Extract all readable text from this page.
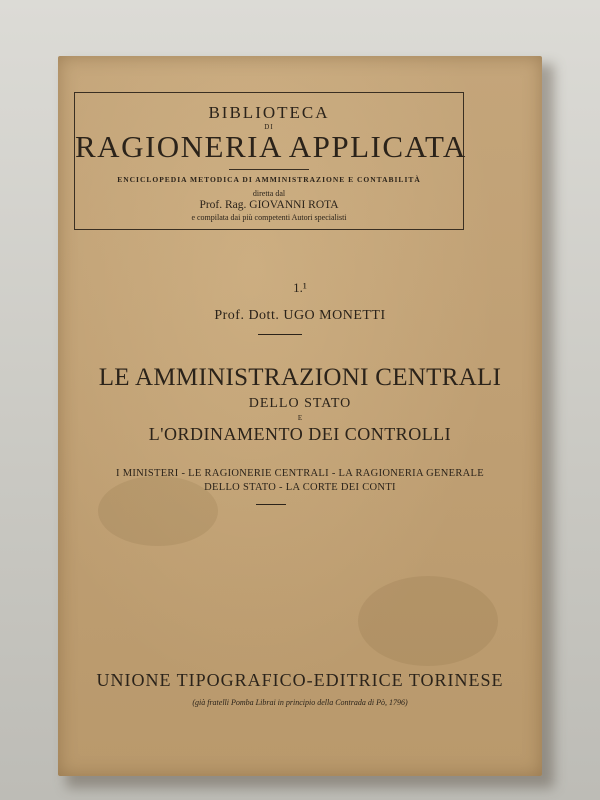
BIBLIOTECA
DI
RAGIONERIA APPLICATA
ENCICLOPEDIA METODICA DI AMMINISTRAZIONE E CONTABILITÀ
diretta dal
Prof. Rag. GIOVANNI ROTA
e compilata dai più competenti Autori specialisti
1.¹
Prof. Dott. UGO MONETTI
LE AMMINISTRAZIONI CENTRALI
DELLO STATO
E
L'ORDINAMENTO DEI CONTROLLI
I MINISTERI - LE RAGIONERIE CENTRALI - LA RAGIONERIA GENERALE
DELLO STATO - LA CORTE DEI CONTI
UNIONE TIPOGRAFICO-EDITRICE TORINESE
(già fratelli Pomba Librai in principio della Contrada di Pò, 1796)
